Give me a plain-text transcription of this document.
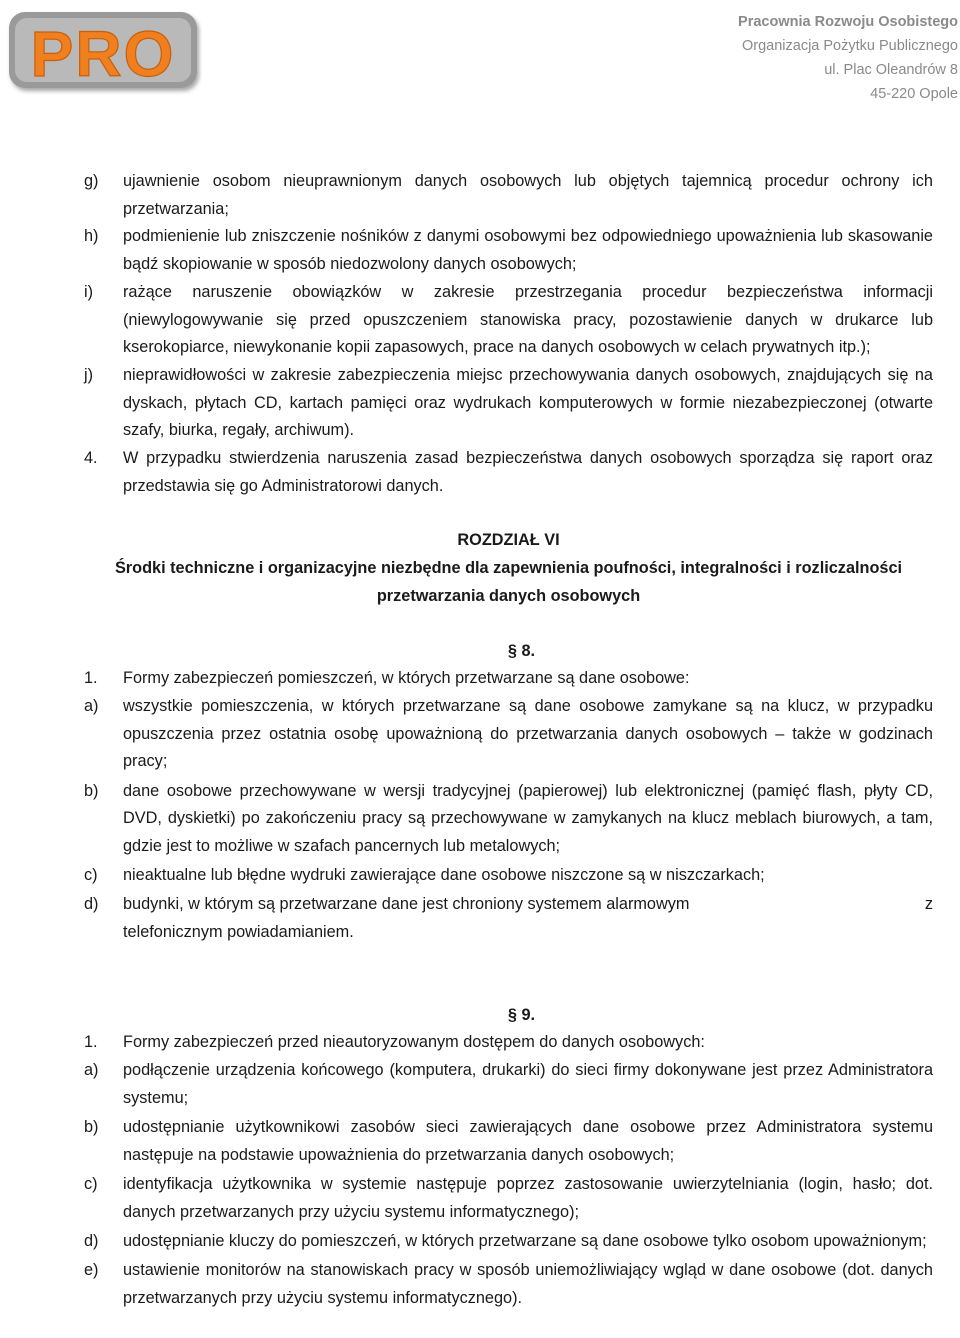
PRO	Pracownia Rozwoju Osobistego
Organizacja Pożytku Publicznego
ul. Plac Oleandrów 8
45-220 Opole
g)	ujawnienie osobom nieuprawnionym danych osobowych lub objętych tajemnicą procedur ochrony ich przetwarzania;
h)	podmienienie lub zniszczenie nośników z danymi osobowymi bez odpowiedniego upoważnienia lub skasowanie bądź skopiowanie w sposób niedozwolony danych osobowych;
i)	rażące naruszenie obowiązków w zakresie przestrzegania procedur bezpieczeństwa informacji (niewylogowywanie się przed opuszczeniem stanowiska pracy, pozostawienie danych w drukarce lub kserokopiarce, niewykonanie kopii zapasowych, prace na danych osobowych w celach prywatnych itp.);
j)	nieprawidłowości w zakresie zabezpieczenia miejsc przechowywania danych osobowych, znajdujących się na dyskach, płytach CD, kartach pamięci oraz wydrukach komputerowych w formie niezabezpieczonej (otwarte szafy, biurka, regały, archiwum).
4.	W przypadku stwierdzenia naruszenia zasad bezpieczeństwa danych osobowych sporządza się raport oraz przedstawia się go Administratorowi danych.
ROZDZIAŁ VI
Środki techniczne i organizacyjne niezbędne dla zapewnienia poufności, integralności i rozliczalności przetwarzania danych osobowych
§ 8.
1.	Formy zabezpieczeń pomieszczeń, w których przetwarzane są dane osobowe:
a)	wszystkie pomieszczenia, w których przetwarzane są dane osobowe zamykane są na klucz, w przypadku opuszczenia przez ostatnia osobę upoważnioną do przetwarzania danych osobowych – także w godzinach pracy;
b)	dane osobowe przechowywane w wersji tradycyjnej (papierowej) lub elektronicznej (pamięć flash, płyty CD, DVD, dyskietki) po zakończeniu pracy są przechowywane w zamykanych na klucz meblach biurowych, a tam, gdzie jest to możliwe w szafach pancernych lub metalowych;
c)	nieaktualne lub błędne wydruki zawierające dane osobowe niszczone są w niszczarkach;
d)	budynki, w którym są przetwarzane dane jest chroniony systemem alarmowym	z
telefonicznym powiadamianiem.
§ 9.
1.	Formy zabezpieczeń przed nieautoryzowanym dostępem do danych osobowych:
a)	podłączenie urządzenia końcowego (komputera, drukarki) do sieci firmy dokonywane jest przez Administratora systemu;
b)	udostępnianie użytkownikowi zasobów sieci zawierających dane osobowe przez Administratora systemu następuje na podstawie upoważnienia do przetwarzania danych osobowych;
c)	identyfikacja użytkownika w systemie następuje poprzez zastosowanie uwierzytelniania (login, hasło; dot. danych przetwarzanych przy użyciu systemu informatycznego);
d)	udostępnianie kluczy do pomieszczeń, w których przetwarzane są dane osobowe tylko osobom upoważnionym;
e)	ustawienie monitorów na stanowiskach pracy w sposób uniemożliwiający wgląd w dane osobowe (dot. danych przetwarzanych przy użyciu systemu informatycznego).
